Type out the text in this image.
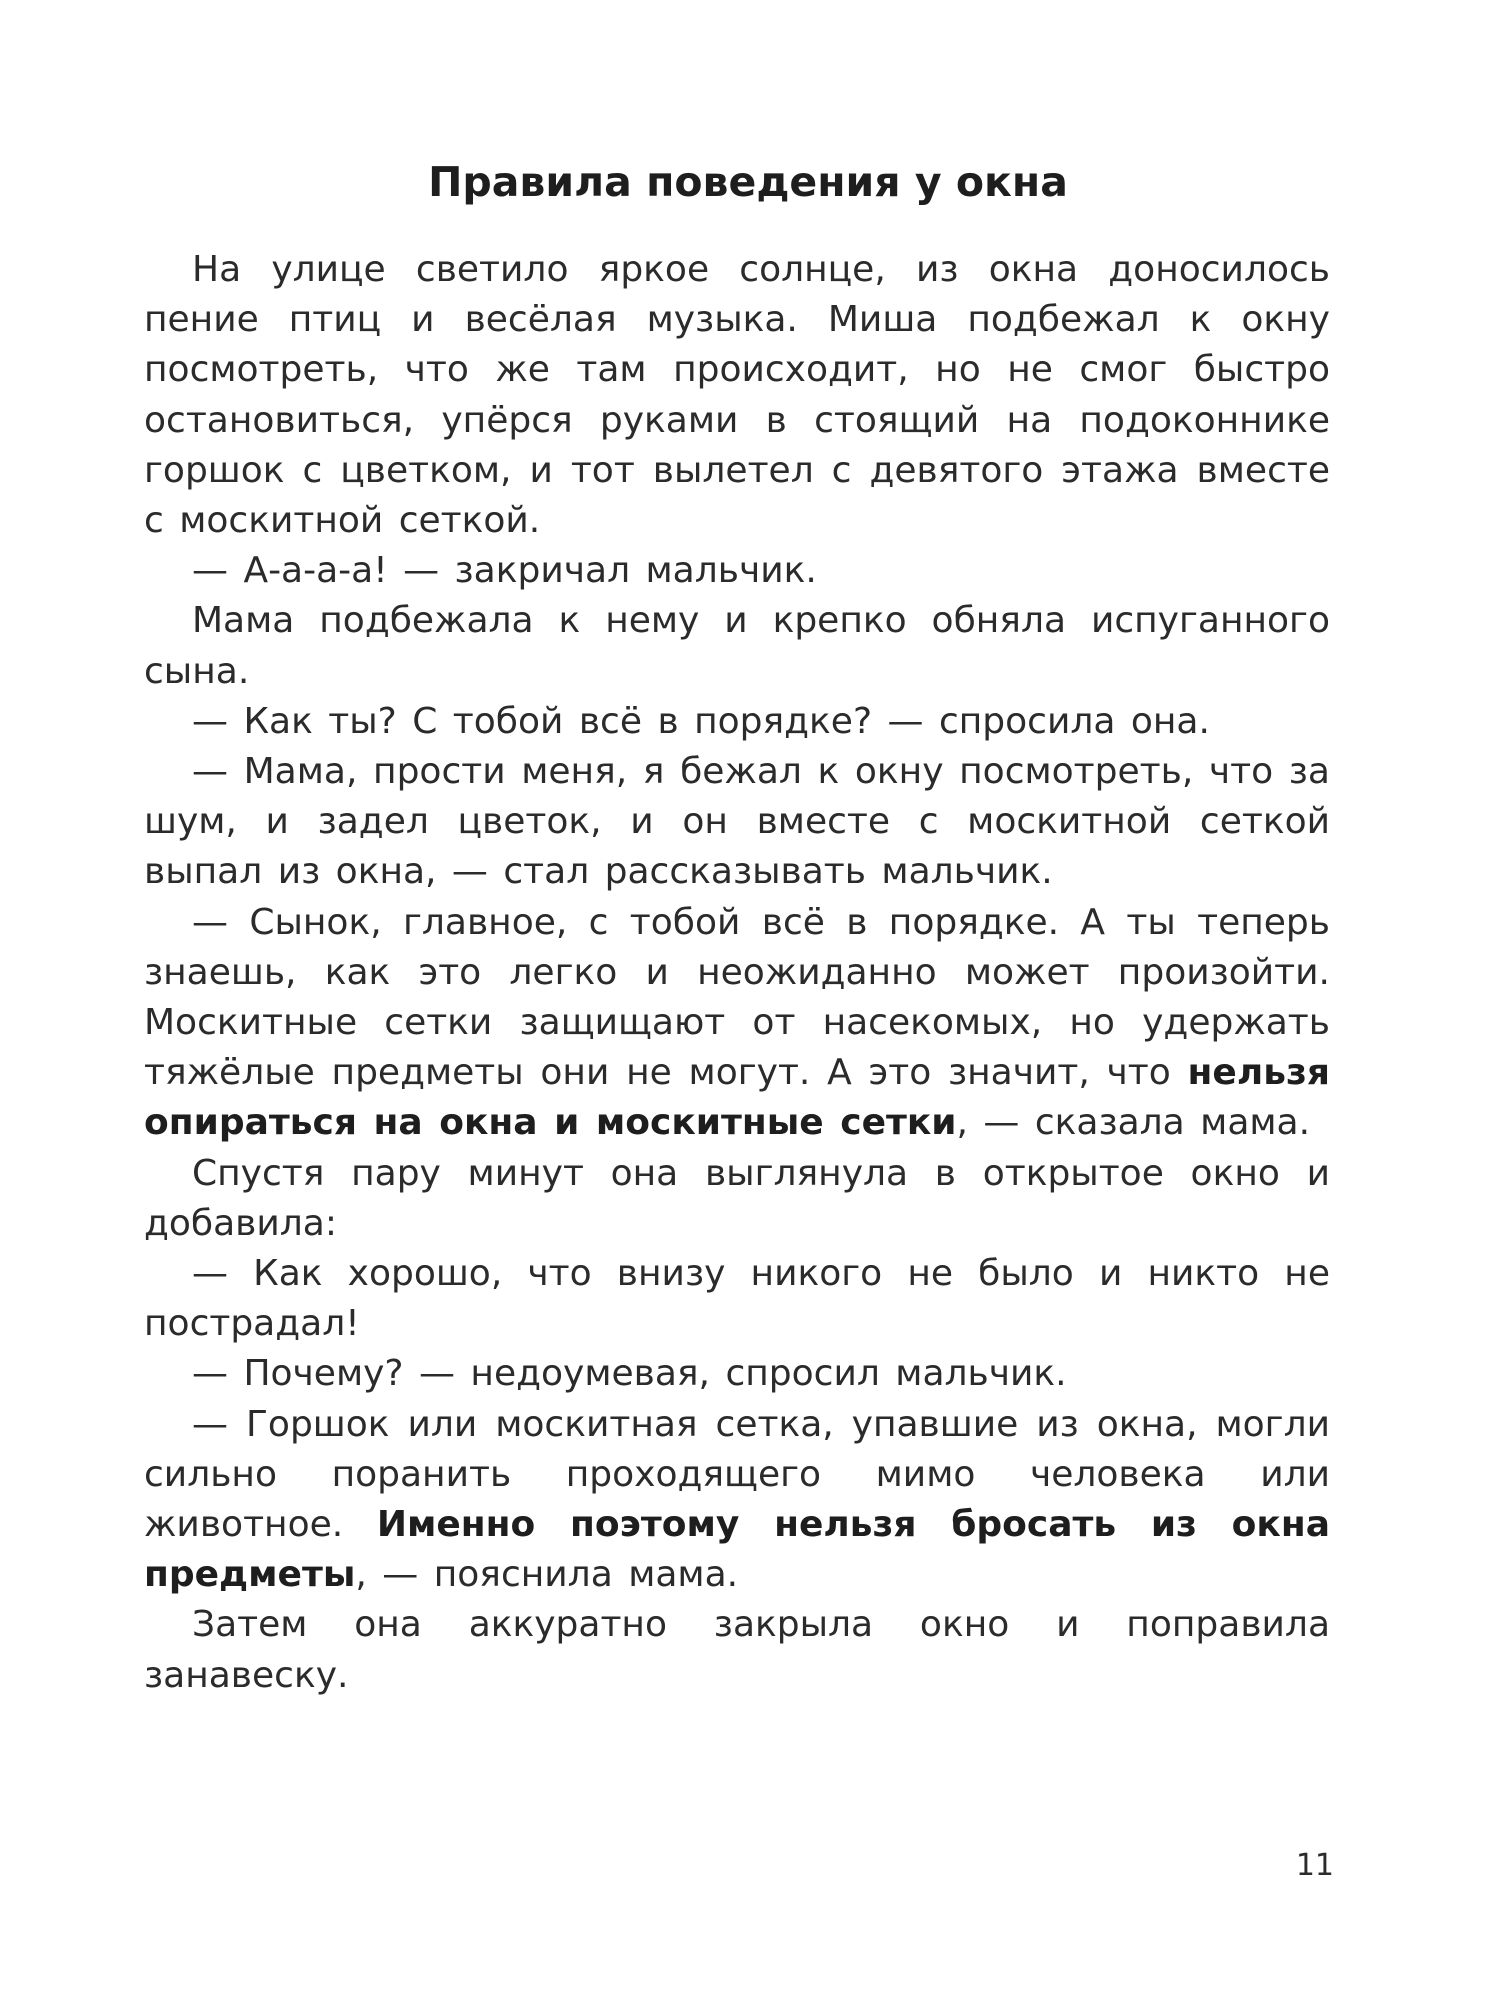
Правила поведения у окна

На улице светило яркое солнце, из окна доносилось пение птиц и весёлая музыка. Миша подбежал к окну посмотреть, что же там происходит, но не смог быстро остановиться, упёрся руками в стоящий на подоконнике горшок с цветком, и тот вылетел с девятого этажа вместе с москитной сеткой.

— А-а-а-а! — закричал мальчик.

Мама подбежала к нему и крепко обняла испуганного сына.

— Как ты? С тобой всё в порядке? — спросила она.

— Мама, прости меня, я бежал к окну посмотреть, что за шум, и задел цветок, и он вместе с москитной сеткой выпал из окна, — стал рассказывать мальчик.

— Сынок, главное, с тобой всё в порядке. А ты теперь знаешь, как это легко и неожиданно может произойти. Москитные сетки защищают от насекомых, но удержать тяжёлые предметы они не могут. А это значит, что нельзя опираться на окна и москитные сетки, — сказала мама.

Спустя пару минут она выглянула в открытое окно и добавила:

— Как хорошо, что внизу никого не было и никто не пострадал!

— Почему? — недоумевая, спросил мальчик.

— Горшок или москитная сетка, упавшие из окна, могли сильно поранить проходящего мимо человека или животное. Именно поэтому нельзя бросать из окна предметы, — пояснила мама.

Затем она аккуратно закрыла окно и поправила занавеску.

11
